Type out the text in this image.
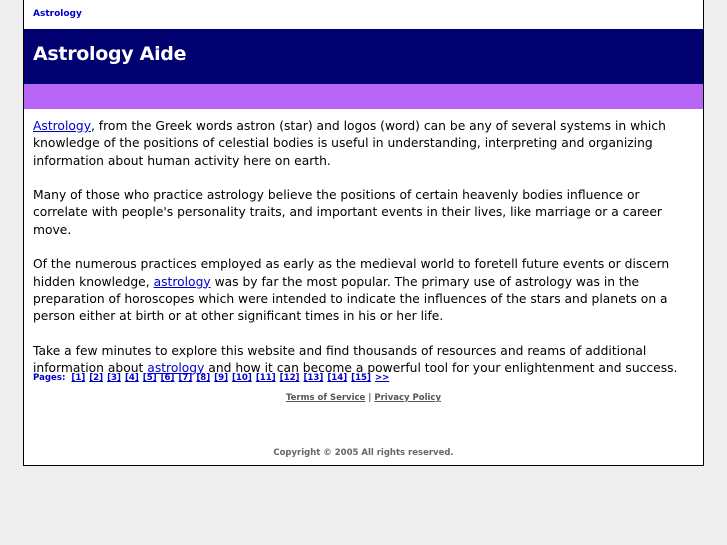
Astrology
Astrology Aide

Astrology, from the Greek words astron (star) and logos (word) can be any of several systems in which knowledge of the positions of celestial bodies is useful in understanding, interpreting and organizing information about human activity here on earth.

Many of those who practice astrology believe the positions of certain heavenly bodies influence or correlate with people's personality traits, and important events in their lives, like marriage or a career move.

Of the numerous practices employed as early as the medieval world to foretell future events or discern hidden knowledge, astrology was by far the most popular. The primary use of astrology was in the preparation of horoscopes which were intended to indicate the influences of the stars and planets on a person either at birth or at other significant times in his or her life.

Take a few minutes to explore this website and find thousands of resources and reams of additional information about astrology and how it can become a powerful tool for your enlightenment and success.

Pages: [1] [2] [3] [4] [5] [6] [7] [8] [9] [10] [11] [12] [13] [14] [15] >>
Terms of Service | Privacy Policy
Copyright © 2005 All rights reserved.
